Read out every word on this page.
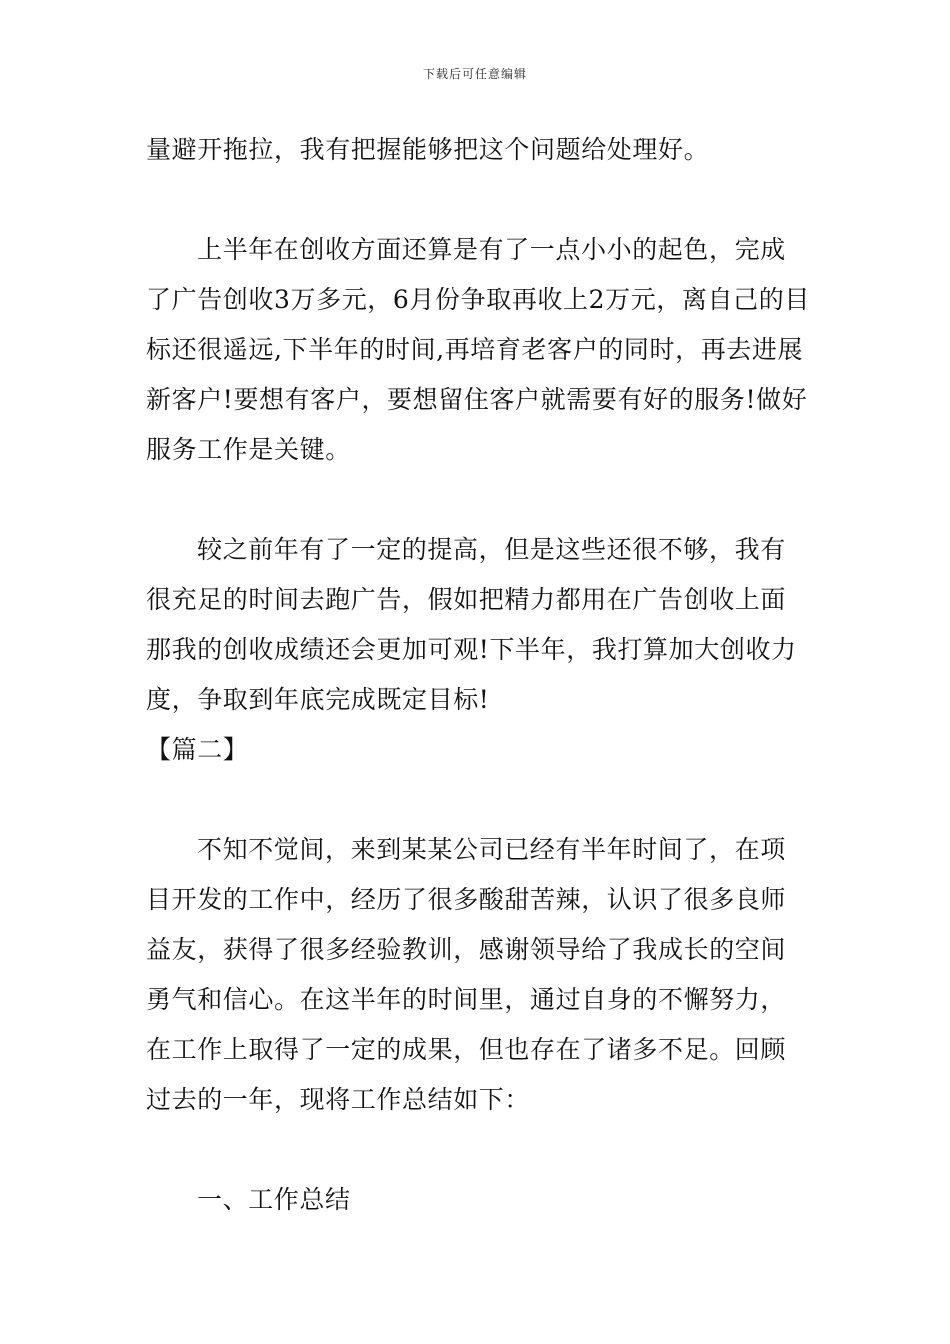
下载后可任意编辑

量避开拖拉，我有把握能够把这个问题给处理好。

上半年在创收方面还算是有了一点小小的起色，完成了广告创收3万多元，6月份争取再收上2万元，离自己的目标还很遥远,下半年的时间,再培育老客户的同时，再去进展新客户!要想有客户，要想留住客户就需要有好的服务!做好服务工作是关键。

较之前年有了一定的提高，但是这些还很不够，我有很充足的时间去跑广告，假如把精力都用在广告创收上面那我的创收成绩还会更加可观!下半年，我打算加大创收力度，争取到年底完成既定目标!

【篇二】

不知不觉间，来到某某公司已经有半年时间了，在项目开发的工作中，经历了很多酸甜苦辣，认识了很多良师益友，获得了很多经验教训，感谢领导给了我成长的空间勇气和信心。在这半年的时间里，通过自身的不懈努力，在工作上取得了一定的成果，但也存在了诸多不足。回顾过去的一年，现将工作总结如下：

一、工作总结
